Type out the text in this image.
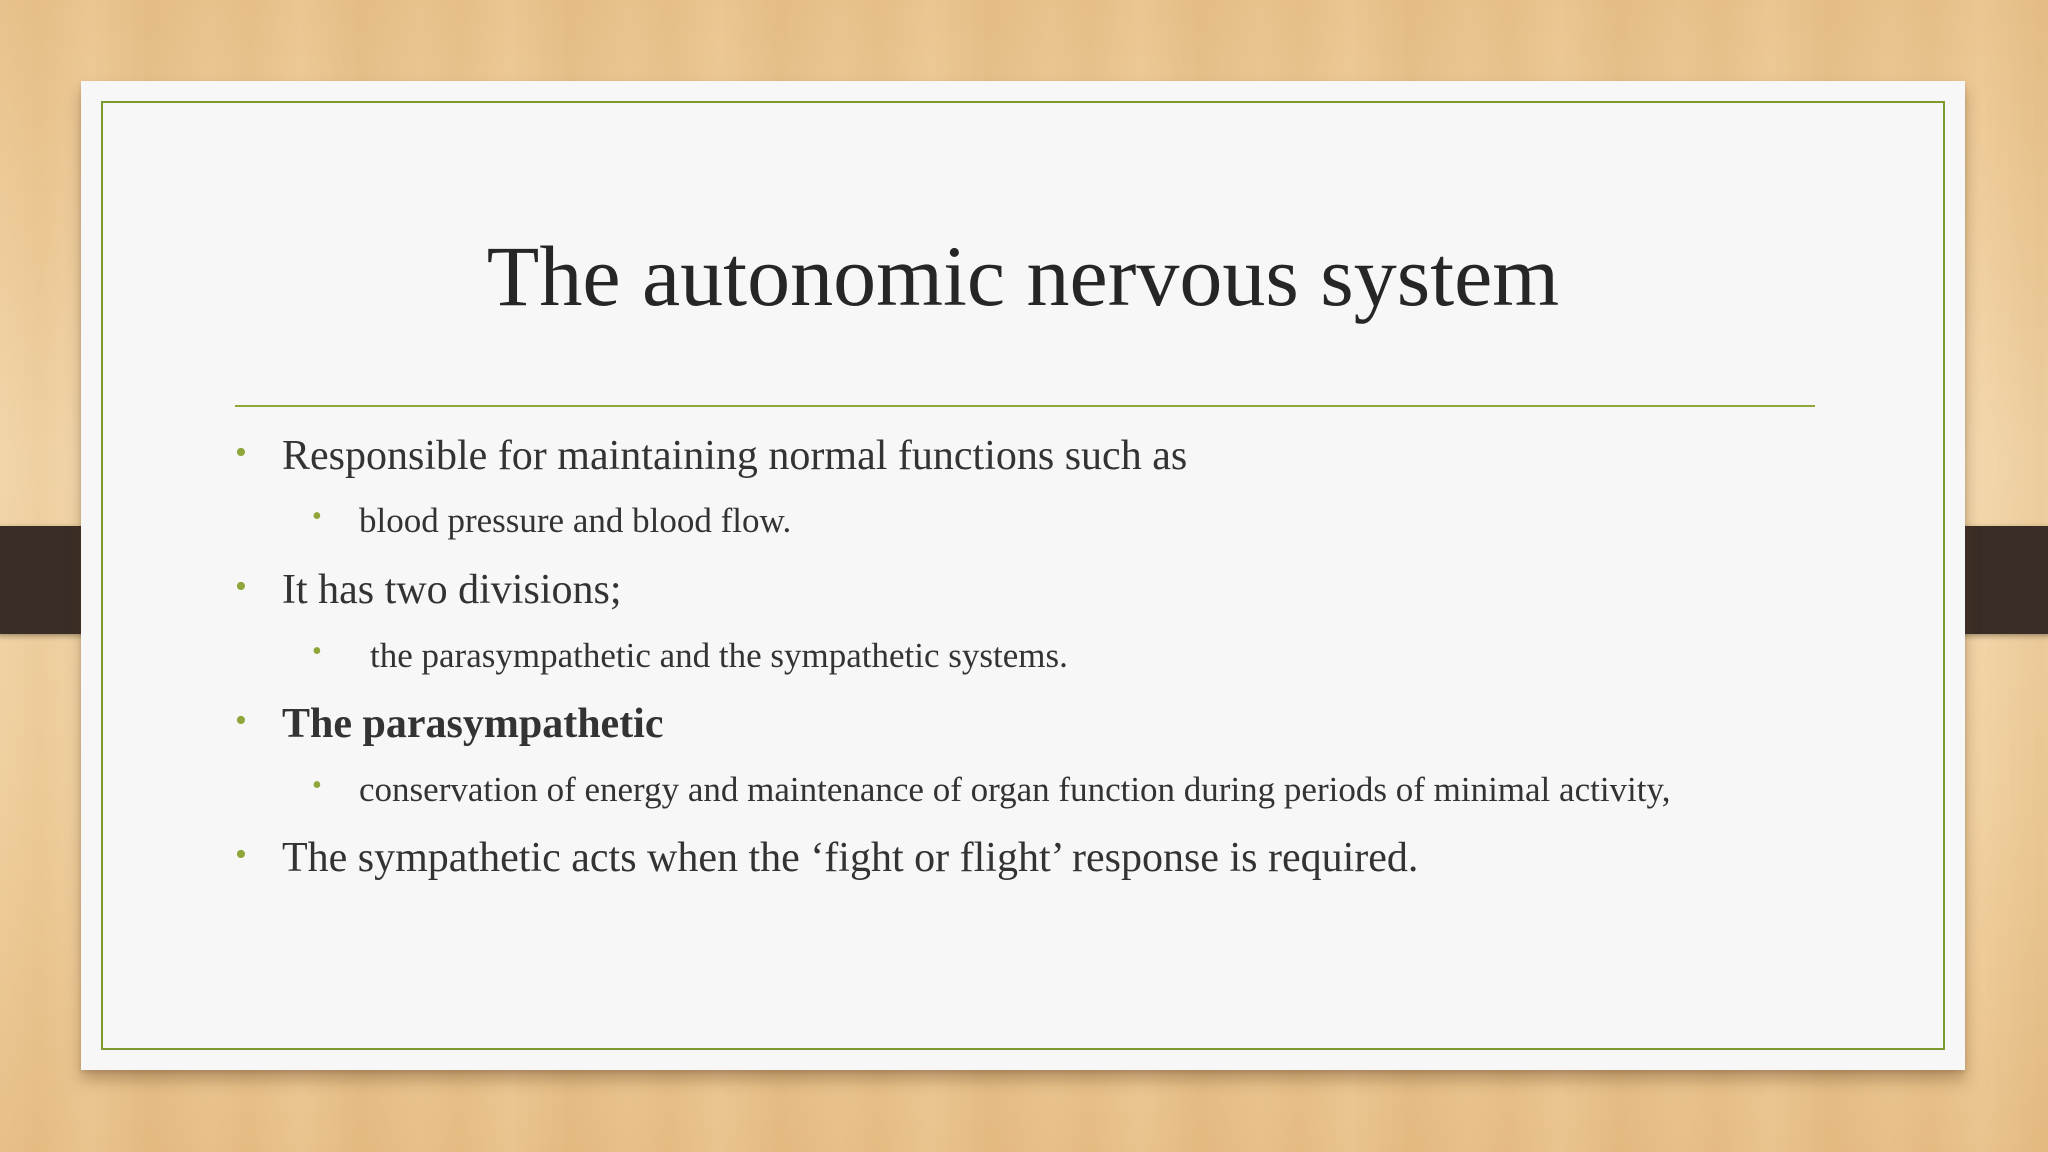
The autonomic nervous system
• Responsible for maintaining normal functions such as
• blood pressure and blood flow.
• It has two divisions;
• the parasympathetic and the sympathetic systems.
• The parasympathetic
• conservation of energy and maintenance of organ function during periods of minimal activity,
• The sympathetic acts when the ‘fight or flight’ response is required.
